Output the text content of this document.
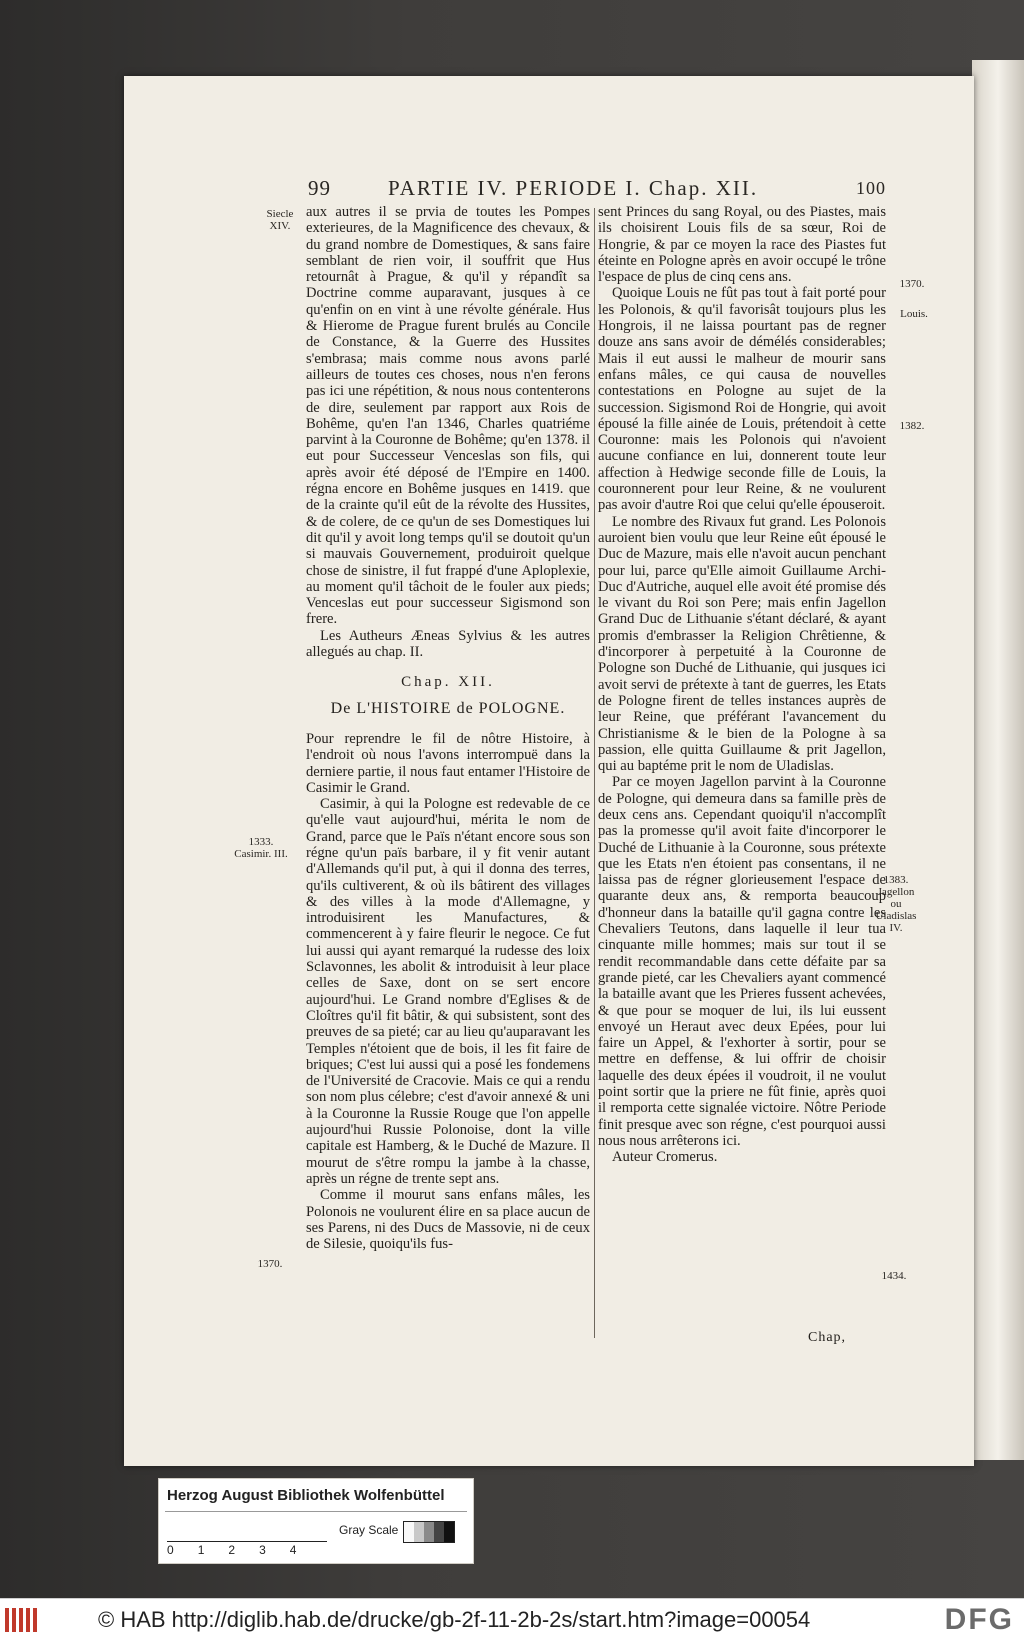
99	PARTIE IV. PERIODE I. Chap. XII.	100

aux autres il se prvia de toutes les Pompes exterieures, de la Magnificence des chevaux, & du grand nombre de Domestiques, & sans faire semblant de rien voir, il souffrit que Hus retournât à Prague, & qu'il y répandît sa Doctrine comme auparavant, jusques à ce qu'enfin on en vint à une révolte générale. Hus & Hierome de Prague furent brulés au Concile de Constance, & la Guerre des Hussites s'embrasa; mais comme nous avons parlé ailleurs de toutes ces choses, nous n'en ferons pas ici une répétition, & nous nous contenterons de dire, seulement par rapport aux Rois de Bohême, qu'en l'an 1346, Charles quatriéme parvint à la Couronne de Bohême; qu'en 1378. il eut pour Successeur Venceslas son fils, qui après avoir été déposé de l'Empire en 1400. régna encore en Bohême jusques en 1419. que de la crainte qu'il eût de la révolte des Hussites, & de colere, de ce qu'un de ses Domestiques lui dit qu'il y avoit long temps qu'il se doutoit qu'un si mauvais Gouvernement, produiroit quelque chose de sinistre, il fut frappé d'une Aploplexie, au moment qu'il tâchoit de le fouler aux pieds; Venceslas eut pour successeur Sigismond son frere.

Les Autheurs Æneas Sylvius & les autres allegués au chap. II.

Chap. XII.
De L'HISTOIRE de POLOGNE.

Pour reprendre le fil de nôtre Histoire, à l'endroit où nous l'avons interrompuë dans la derniere partie, il nous faut entamer l'Histoire de Casimir le Grand.

Casimir, à qui la Pologne est redevable de ce qu'elle vaut aujourd'hui, mérita le nom de Grand, parce que le Païs n'étant encore sous son régne qu'un païs barbare, il y fit venir autant d'Allemands qu'il put, à qui il donna des terres, qu'ils cultiverent, & où ils bâtirent des villages & des villes à la mode d'Allemagne, y introduisirent les Manufactures, & commencerent à y faire fleurir le negoce. Ce fut lui aussi qui ayant remarqué la rudesse des loix Sclavonnes, les abolit & introduisit à leur place celles de Saxe, dont on se sert encore aujourd'hui. Le Grand nombre d'Eglises & de Cloîtres qu'il fit bâtir, & qui subsistent, sont des preuves de sa pieté; car au lieu qu'auparavant les Temples n'étoient que de bois, il les fit faire de briques; C'est lui aussi qui a posé les fondemens de l'Université de Cracovie. Mais ce qui a rendu son nom plus célebre; c'est d'avoir annexé & uni à la Couronne la Russie Rouge que l'on appelle aujourd'hui Russie Polonoise, dont la ville capitale est Hamberg, & le Duché de Mazure. Il mourut de s'être rompu la jambe à la chasse, après un régne de trente sept ans.

Comme il mourut sans enfans mâles, les Polonois ne voulurent élire en sa place aucun de ses Parens, ni des Ducs de Massovie, ni de ceux de Silesie, quoiqu'ils fus-

sent Princes du sang Royal, ou des Piastes, mais ils choisirent Louis fils de sa sœur, Roi de Hongrie, & par ce moyen la race des Piastes fut éteinte en Pologne après en avoir occupé le trône l'espace de plus de cinq cens ans.

Quoique Louis ne fût pas tout à fait porté pour les Polonois, & qu'il favorisât toujours plus les Hongrois, il ne laissa pourtant pas de regner douze ans sans avoir de démélés considerables; Mais il eut aussi le malheur de mourir sans enfans mâles, ce qui causa de nouvelles contestations en Pologne au sujet de la succession. Sigismond Roi de Hongrie, qui avoit épousé la fille ainée de Louis, prétendoit à cette Couronne: mais les Polonois qui n'avoient aucune confiance en lui, donnerent toute leur affection à Hedwige seconde fille de Louis, la couronnerent pour leur Reine, & ne voulurent pas avoir d'autre Roi que celui qu'elle épouseroit.

Le nombre des Rivaux fut grand. Les Polonois auroient bien voulu que leur Reine eût épousé le Duc de Mazure, mais elle n'avoit aucun penchant pour lui, parce qu'Elle aimoit Guillaume Archi-Duc d'Autriche, auquel elle avoit été promise dés le vivant du Roi son Pere; mais enfin Jagellon Grand Duc de Lithuanie s'étant déclaré, & ayant promis d'embrasser la Religion Chrêtienne, & d'incorporer à perpetuité à la Couronne de Pologne son Duché de Lithuanie, qui jusques ici avoit servi de prétexte à tant de guerres, les Etats de Pologne firent de telles instances auprès de leur Reine, que préférant l'avancement du Christianisme & le bien de la Pologne à sa passion, elle quitta Guillaume & prit Jagellon, qui au baptéme prit le nom de Uladislas.

Par ce moyen Jagellon parvint à la Couronne de Pologne, qui demeura dans sa famille près de deux cens ans. Cependant quoiqu'il n'accomplît pas la promesse qu'il avoit faite d'incorporer le Duché de Lithuanie à la Couronne, sous prétexte que les Etats n'en étoient pas consentans, il ne laissa pas de régner glorieusement l'espace de quarante deux ans, & remporta beaucoup d'honneur dans la bataille qu'il gagna contre les Chevaliers Teutons, dans laquelle il leur tua cinquante mille hommes; mais sur tout il se rendit recommandable dans cette défaite par sa grande pieté, car les Chevaliers ayant commencé la bataille avant que les Prieres fussent achevées, & que pour se moquer de lui, ils lui eussent envoyé un Heraut avec deux Epées, pour lui faire un Appel, & l'exhorter à sortir, pour se mettre en deffense, & lui offrir de choisir laquelle des deux épées il voudroit, il ne voulut point sortir que la priere ne fût finie, après quoi il remporta cette signalée victoire. Nôtre Periode finit presque avec son régne, c'est pourquoi aussi nous nous arrêterons ici.

Auteur Cromerus.

Siecle XIV.
1333. Casimir. III.
1370.
1370.
Louis.
1382.
1383. Jagellon ou Uladislas IV.
1434.
Chap,
Herzog August Bibliothek Wolfenbüttel
0 1 2 3 4
Gray Scale
© HAB http://diglib.hab.de/drucke/gb-2f-11-2b-2s/start.htm?image=00054	DFG
